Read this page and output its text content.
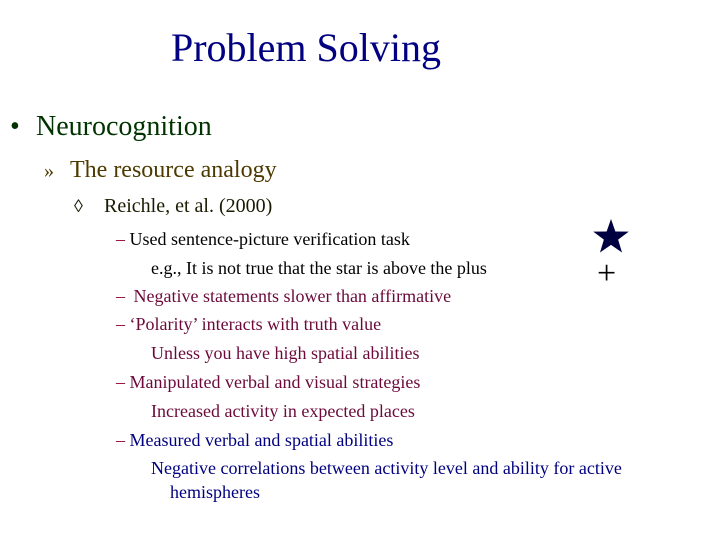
Problem Solving
• Neurocognition
» The resource analogy
◊ Reichle, et al. (2000)
– Used sentence-picture verification task
e.g., It is not true that the star is above the plus
– Negative statements slower than affirmative
– ‘Polarity’ interacts with truth value
Unless you have high spatial abilities
– Manipulated verbal and visual strategies
Increased activity in expected places
– Measured verbal and spatial abilities
Negative correlations between activity level and ability for active
hemispheres
+
